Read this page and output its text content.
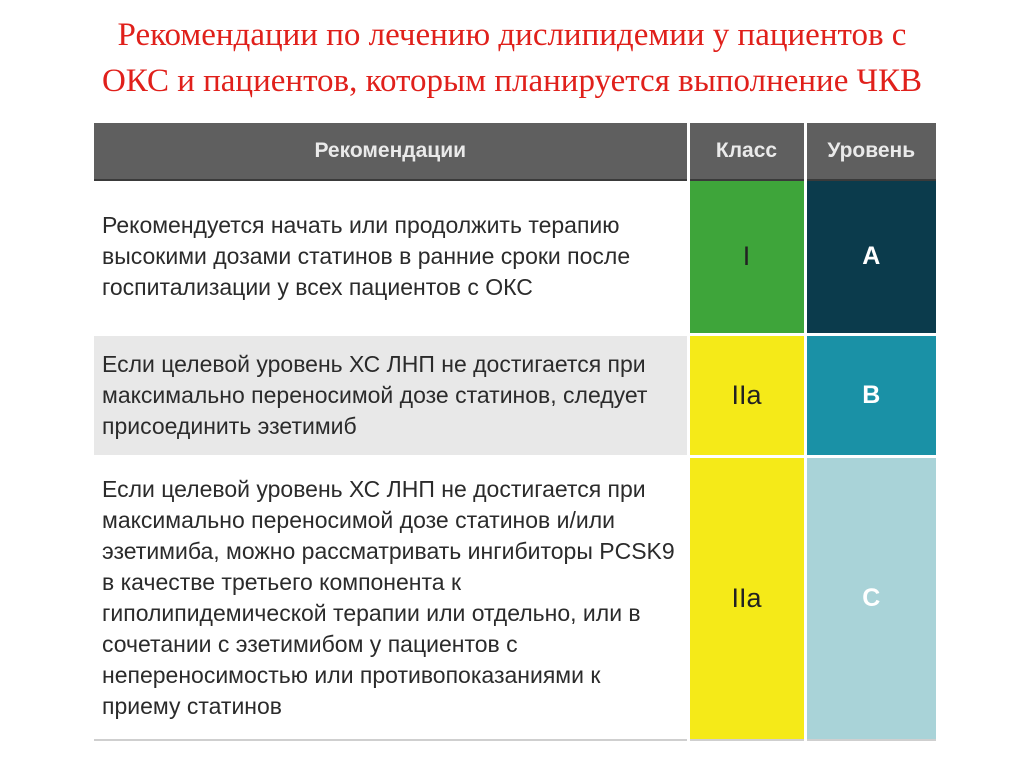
Рекомендации по лечению дислипидемии у пациентов с
ОКС и пациентов, которым планируется выполнение ЧКВ
Рекомендации	Класс	Уровень
Рекомендуется начать или продолжить терапию высокими дозами статинов в ранние сроки после госпитализации у всех пациентов с ОКС	I	A
Если целевой уровень ХС ЛНП не достигается при максимально переносимой дозе статинов, следует присоединить эзетимиб	IIa	B
Если целевой уровень ХС ЛНП не достигается при максимально переносимой дозе статинов и/или эзетимиба, можно рассматривать ингибиторы PCSK9 в качестве третьего компонента к гиполипидемической терапии или отдельно, или в сочетании с эзетимибом у пациентов с непереносимостью или противопоказаниями к приему статинов	IIa	C
